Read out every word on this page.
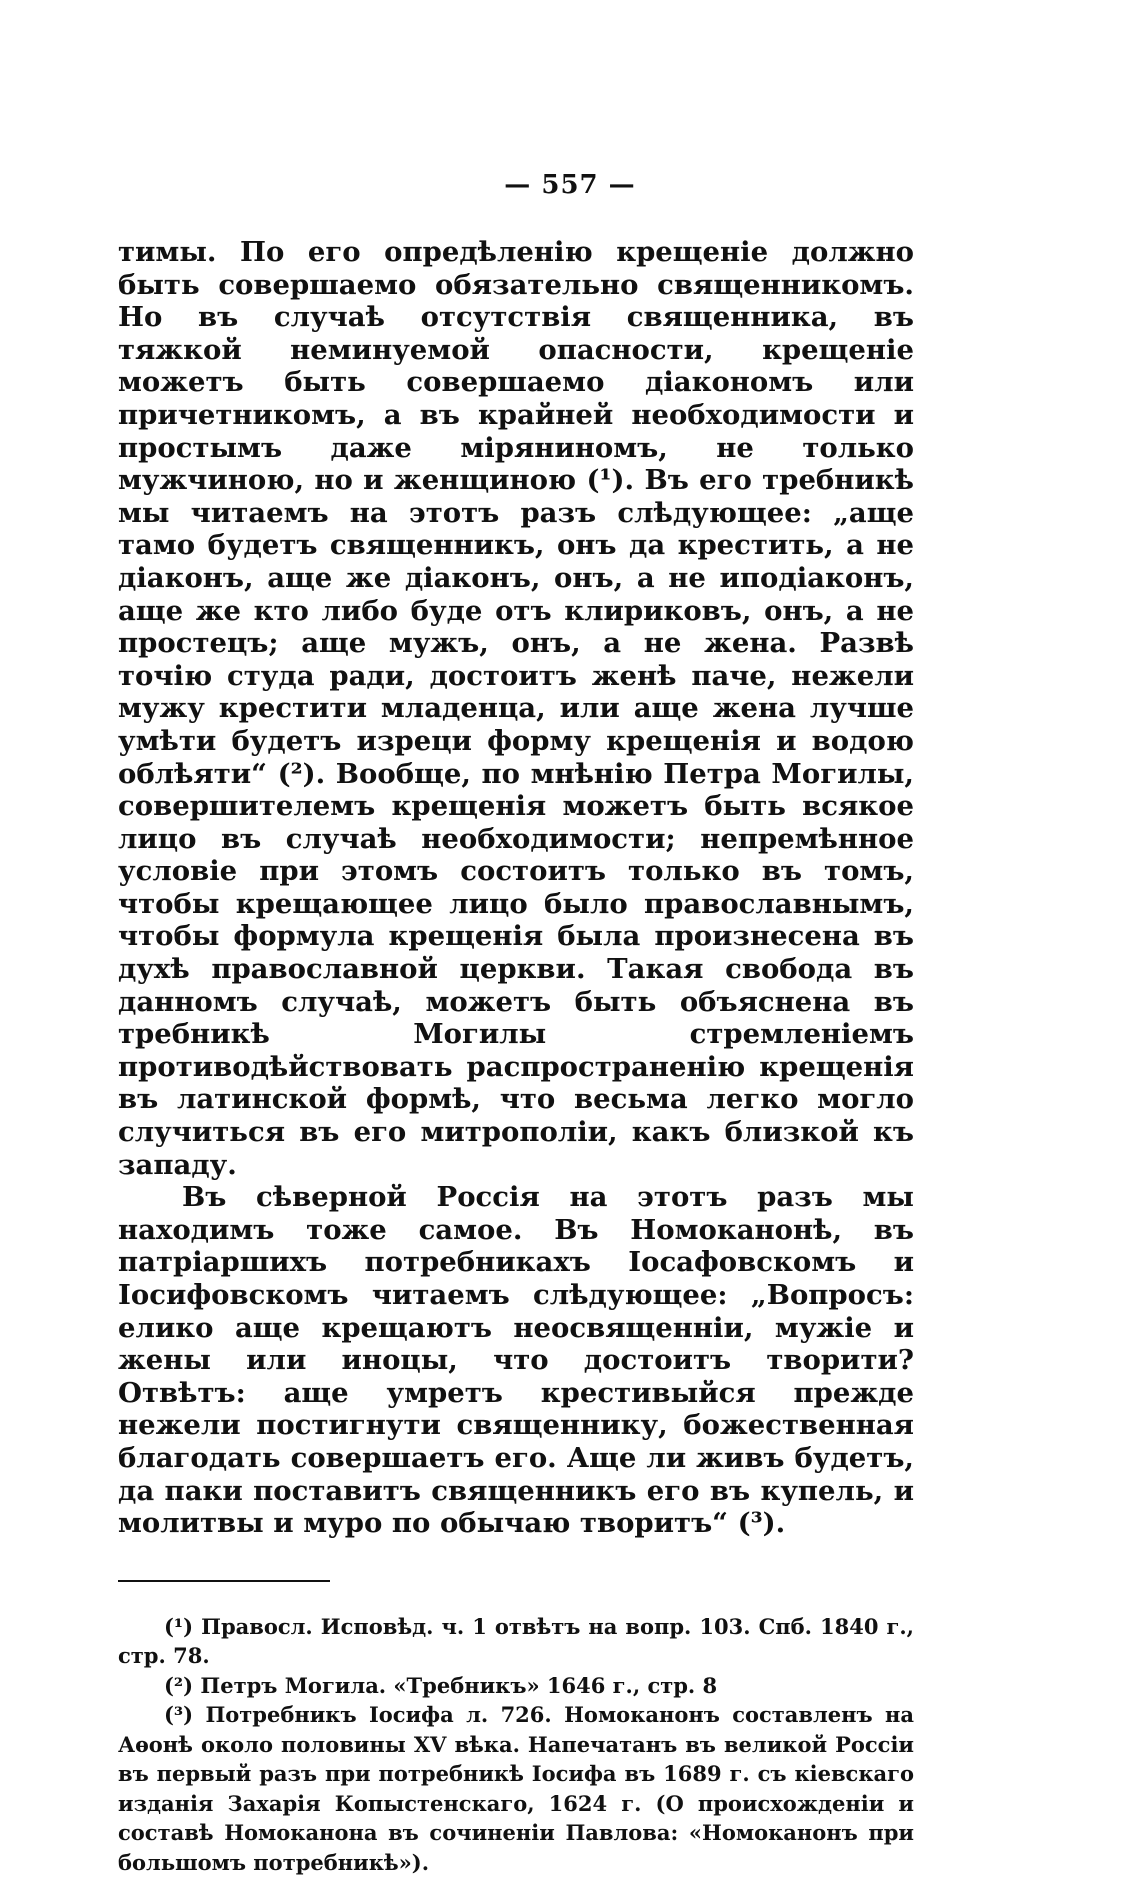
— 557 —

тимы. По его опредѣленію крещеніе должно быть совершаемо обязательно священникомъ. Но въ случаѣ отсутствія священника, въ тяжкой неминуемой опасности, крещеніе можетъ быть совершаемо діакономъ или причетникомъ, а въ крайней необходимости и простымъ даже міряниномъ, не только мужчиною, но и женщиною (¹). Въ его требникѣ мы читаемъ на этотъ разъ слѣдующее: „аще тамо будетъ священникъ, онъ да крестить, а не діаконъ, аще же діаконъ, онъ, а не иподіаконъ, аще же кто либо буде отъ клириковъ, онъ, а не простецъ; аще мужъ, онъ, а не жена. Развѣ точію студа ради, достоитъ женѣ паче, нежели мужу крестити младенца, или аще жена лучше умѣти будетъ изреци форму крещенія и водою облѣяти“ (²). Вообще, по мнѣнію Петра Могилы, совершителемъ крещенія можетъ быть всякое лицо въ случаѣ необходимости; непремѣнное условіе при этомъ состоитъ только въ томъ, чтобы крещающее лицо было православнымъ, чтобы формула крещенія была произнесена въ духѣ православной церкви. Такая свобода въ данномъ случаѣ, можетъ быть объяснена въ требникѣ Могилы стремленіемъ противодѣйствовать распространенію крещенія въ латинской формѣ, что весьма легко могло случиться въ его митрополіи, какъ близкой къ западу.

Въ сѣверной Россія на этотъ разъ мы находимъ тоже самое. Въ Номоканонѣ, въ патріаршихъ потребникахъ Іосафовскомъ и Іосифовскомъ читаемъ слѣдующее: „Вопросъ: елико аще крещаютъ неосвященніи, мужіе и жены или иноцы, что достоитъ творити? Отвѣтъ: аще умретъ крестивыйся прежде нежели постигнути священнику, божественная благодать совершаетъ его. Аще ли живъ будетъ, да паки поставитъ священникъ его въ купель, и молитвы и муро по обычаю творитъ“ (³).

(¹) Правосл. Исповѣд. ч. 1 отвѣтъ на вопр. 103. Спб. 1840 г., стр. 78.

(²) Петръ Могила. «Требникъ» 1646 г., стр. 8

(³) Потребникъ Іосифа л. 726. Номоканонъ составленъ на Аѳонѣ около половины XV вѣка. Напечатанъ въ великой Россіи въ первый разъ при потребникѣ Іосифа въ 1689 г. съ кіевскаго изданія Захарія Копыстенскаго, 1624 г. (О происхожденіи и составѣ Номоканона въ сочиненіи Павлова: «Номоканонъ при большомъ потребникѣ»).
